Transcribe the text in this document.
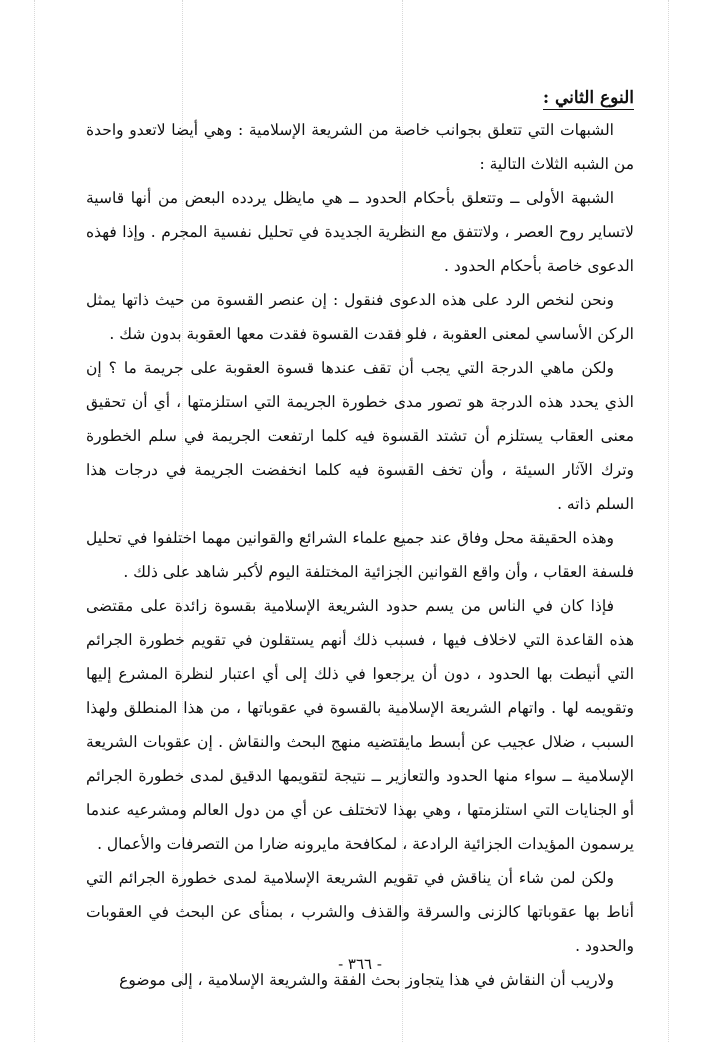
النوع الثاني :

الشبهات التي تتعلق بجوانب خاصة من الشريعة الإسلامية : وهي أيضا لاتعدو واحدة من الشبه الثلاث التالية :

الشبهة الأولى ــ وتتعلق بأحكام الحدود ــ هي مايظل يردده البعض من أنها قاسية لاتساير روح العصر ، ولاتتفق مع النظرية الجديدة في تحليل نفسية المجرم . وإذا فهذه الدعوى خاصة بأحكام الحدود .

ونحن لنخص الرد على هذه الدعوى فنقول : إن عنصر القسوة من حيث ذاتها يمثل الركن الأساسي لمعنى العقوبة ، فلو فقدت القسوة فقدت معها العقوبة بدون شك .

ولكن ماهي الدرجة التي يجب أن تقف عندها قسوة العقوبة على جريمة ما ؟ إن الذي يحدد هذه الدرجة هو تصور مدى خطورة الجريمة التي استلزمتها ، أي أن تحقيق معنى العقاب يستلزم أن تشتد القسوة فيه كلما ارتفعت الجريمة في سلم الخطورة وترك الآثار السيئة ، وأن تخف القسوة فيه كلما انخفضت الجريمة في درجات هذا السلم ذاته .

وهذه الحقيقة محل وفاق عند جميع علماء الشرائع والقوانين مهما اختلفوا في تحليل فلسفة العقاب ، وأن واقع القوانين الجزائية المختلفة اليوم لأكبر شاهد على ذلك .

فإذا كان في الناس من يسم حدود الشريعة الإسلامية بقسوة زائدة على مقتضى هذه القاعدة التي لاخلاف فيها ، فسبب ذلك أنهم يستقلون في تقويم خطورة الجرائم التي أنيطت بها الحدود ، دون أن يرجعوا في ذلك إلى أي اعتبار لنظرة المشرع إليها وتقويمه لها . واتهام الشريعة الإسلامية بالقسوة في عقوباتها ، من هذا المنطلق ولهذا السبب ، ضلال عجيب عن أبسط مايقتضيه منهج البحث والنقاش . إن عقوبات الشريعة الإسلامية ــ سواء منها الحدود والتعازير ــ نتيجة لتقويمها الدقيق لمدى خطورة الجرائم أو الجنايات التي استلزمتها ، وهي بهذا لاتختلف عن أي من دول العالم ومشرعيه عندما يرسمون المؤيدات الجزائية الرادعة ، لمكافحة مايرونه ضارا من التصرفات والأعمال .

ولكن لمن شاء أن يناقش في تقويم الشريعة الإسلامية لمدى خطورة الجرائم التي أناط بها عقوباتها كالزنى والسرقة والقذف والشرب ، بمنأى عن البحث في العقوبات والحدود .

ولاريب أن النقاش في هذا يتجاوز بحث الفقة والشريعة الإسلامية ، إلى موضوع

- ٣٦٦ -
